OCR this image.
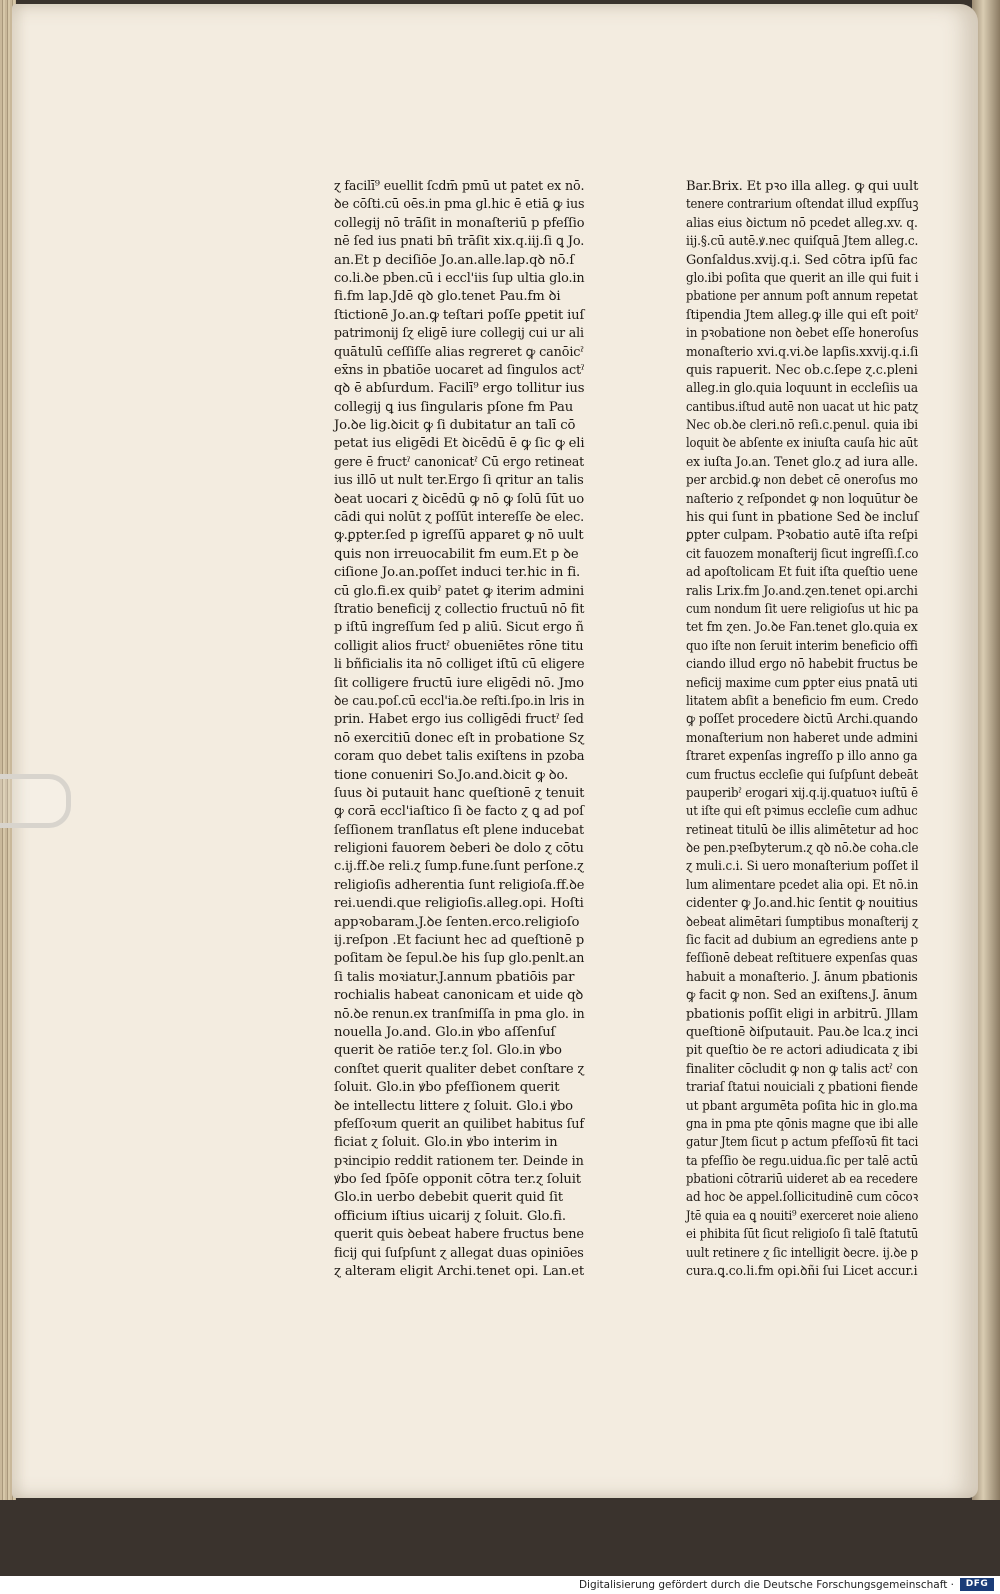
ɀ facilī⁹ euellit ſcdm̄ pmū ut patet ex nō.
ꝺe cōſti.cū oēs.in pma gl.hic ē etiā ꝙ ius
collegij nō trāſit in monaſteriū p pfeſſio
nē ſed ius pnati bn̄ trāſit xix.q.iij.ſi ꝗ Jo.
an.Et p deciſiōe Jo.an.alle.lap.qꝺ nō.ſ
co.li.ꝺe pben.cū i eccl'iis ſup ultia glo.in
fi.fm lap.Jdē qꝺ glo.tenet Pau.fm ꝺi
ſtictionē Jo.an.ꝙ teſtari poſſe ꝑpetit iuſ
patrimonij ſɀ eligē iure collegij cui ur ali
quātulū ceſſiſſe alias regreret ꝙ canōicˀ
ex̄ns in pbatiōe uocaret ad ſingulos actˀ
qꝺ ē abſurdum. Facilī⁹ ergo tollitur ius
collegij ꝗ ius ſingularis pſone fm Pau
Jo.ꝺe lig.ꝺicit ꝙ ſi dubitatur an talī cō
petat ius eligēdi Et ꝺicēdū ē ꝙ ſic ꝙ eli
gere ē fructˀ canonicatˀ Cū ergo retineat
ius illō ut nult ter.Ergo ſi qritur an talis
ꝺeat uocari ɀ ꝺicēdū ꝙ nō ꝙ ſolū ſūt uo
cādi qui nolūt ɀ poſſūt intereſſe ꝺe elec.
ꝙ.ꝑpter.ſed p igreſſū apparet ꝙ nō uult
ꝗuis non irreuocabilit fm eum.Et p ꝺe
ciſione Jo.an.poſſet induci ter.hic in fi.
cū glo.fi.ex quibˀ patet ꝙ iterim admini
ſtratio beneficij ɀ collectio fructuū nō fit
p iſtū ingreſſum ſed p aliū. Sicut ergo ñ
colligit alios fructˀ obueniētes rōne titu
li bñficialis ita nō colliget iſtū cū eligere
ſit colligere fructū iure eligēdi nō. Jmo
ꝺe cau.poſ.cū eccl'ia.ꝺe reſti.ſpo.in lris in
prin. Habet ergo ius colligēdi fructˀ ſed
nō exercitiū donec eſt in probatione Sɀ
coram quo debet talis exiſtens in pzoba
tione conueniri So.Jo.and.ꝺicit ꝙ ꝺo.
ſuus ꝺi putauit hanc queſtionē ɀ tenuit
ꝙ corā eccl'iaſtico ſi ꝺe facto ɀ ꝗ ad poſ
ſeſſionem tranſlatus eſt plene inducebat
religioni fauorem ꝺeberi ꝺe dolo ɀ cōtu
c.ij.ff.ꝺe reli.ɀ ſump.fune.ſunt perſone.ɀ
religioſis adherentia ſunt religioſa.ff.ꝺe
rei.uendi.que religioſis.alleg.opi. Hoſti
appꝛobaram.J.ꝺe ſenten.erco.religioſo
ij.reſpon .Et faciunt hec ad queſtionē p
poſitam ꝺe ſepul.ꝺe his ſup glo.penlt.an
ſi talis moꝛiatur.J.annum pbatiōis par
rochialis habeat canonicam et uide qꝺ
nō.ꝺe renun.ex tranſmiſſa in pma glo. in
nouella Jo.and. Glo.in ꝟbo aſſenſuſ
querit ꝺe ratiōe ter.ɀ ſol. Glo.in ꝟbo
conſtet querit qualiter debet conſtare ɀ
ſoluit. Glo.in ꝟbo pfeſſionem querit
ꝺe intellectu littere ɀ ſoluit. Glo.i ꝟbo
pfeſſoꝛum querit an quilibet habitus ſuf
ficiat ɀ ſoluit. Glo.in ꝟbo interim in
pꝛincipio reddit rationem ter. Deinde in
ꝟbo ſed ſpōſe opponit cōtra ter.ɀ ſoluit
Glo.in uerbo debebit querit quid ſit
officium iſtius uicarij ɀ ſoluit. Glo.fi.
querit quis ꝺebeat habere fructus bene
ficij qui ſuſpſunt ɀ allegat duas opiniōes
ɀ alteram eligit Archi.tenet opi. Lan.et
Bar.Brix. Et pꝛo illa alleg. ꝙ qui uult
tenere contrarium oſtendat illud expſſuꝫ
alias eius ꝺictum nō pcedet alleg.xv. q.
iij.§.cū autē.ꝟ.nec quiſquā Jtem alleg.c.
Gonſaldus.xvij.q.i. Sed cōtra ipſū fac
glo.ibi poſita que querit an ille qui fuit i
pbatione per annum poſt annum repetat
ſtipendia Jtem alleg.ꝙ ille qui eſt poitˀ
in pꝛobatione non ꝺebet eſſe honeroſus
monaſterio xvi.q.vi.ꝺe lapſis.xxvij.q.i.ſi
quis rapuerit. Nec ob.c.ſepe ɀ.c.pleni
alleg.in glo.quia loquunt in eccleſiis ua
cantibus.iſtud autē non uacat ut hic patɀ
Nec ob.ꝺe cleri.nō reſi.c.penul. quia ibi
loquit ꝺe abſente ex iniuſta cauſa hic aūt
ex iuſta Jo.an. Tenet glo.ɀ ad iura alle.
per arcbid.ꝙ non debet cē oneroſus mo
naſterio ɀ reſpondet ꝙ non loquūtur ꝺe
his qui ſunt in pbatione Sed ꝺe incluſ
ꝑpter culpam. Pꝛobatio autē iſta reſpi
cit fauozem monaſterij ſicut ingreſſi.ſ.co
ad apoſtolicam Et fuit iſta queſtio uene
ralis Lrix.fm Jo.and.ɀen.tenet opi.archi
cum nondum ſit uere religioſus ut hic pa
tet fm ɀen. Jo.ꝺe Fan.tenet glo.quia ex
quo iſte non ſeruit interim beneficio offi
ciando illud ergo nō habebit fructus be
neficij maxime cum ꝑpter eius pnatā uti
litatem abſit a beneficio fm eum. Credo
ꝙ poſſet procedere ꝺictū Archi.quando
monaſterium non haberet unde admini
ſtraret expenſas ingreſſo p illo anno ga
cum fructus eccleſie qui ſuſpſunt debeāt
pauperibˀ erogari xij.q.ij.quatuoꝛ iuſtū ē
ut iſte qui eſt pꝛimus eccleſie cum adhuc
retineat titulū ꝺe illis alimētetur ad hoc
ꝺe pen.pꝛeſbyterum.ɀ qꝺ nō.ꝺe coha.cle
ɀ muli.c.i. Si uero monaſterium poſſet il
lum alimentare pcedet alia opi. Et nō.in
cidenter ꝙ Jo.and.hic ſentit ꝙ nouitius
ꝺebeat alimētari ſumptibus monaſterij ɀ
ſic facit ad dubium an egrediens ante p
feſſionē debeat reſtituere expenſas quas
habuit a monaſterio. J. ānum pbationis
ꝙ facit ꝙ non. Sed an exiſtens.J. ānum
pbationis poſſit eligi in arbitrū. Jllam
queſtionē ꝺiſputauit. Pau.ꝺe lca.ɀ inci
pit queſtio ꝺe re actori adiudicata ɀ ibi
finaliter cōcludit ꝙ non ꝙ talis actˀ con
trariaſ ſtatui nouiciali ɀ pbationi fiende
ut pbant argumēta poſita hic in glo.ma
gna in pma pte qōnis magne que ibi alle
gatur Jtem ſicut p actum pfeſſoꝛū fit taci
ta pfeſſio ꝺe regu.uidua.ſic per talē actū
pbationi cōtrariū uideret ab ea recedere
ad hoc ꝺe appel.ſollicitudinē cum cōcoꝛ
Jtē quia ea ꝗ nouiti⁹ exerceret noie alieno
ei phibita ſūt ſicut religioſo ſi talē ſtatutū
uult retinere ɀ ſic intelligit ꝺecre. ij.ꝺe p
cura.ꝗ.co.li.fm opi.ꝺñi ſui Licet accur.i
Digitalisierung gefördert durch die Deutsche Forschungsgemeinschaft ·	DFG
